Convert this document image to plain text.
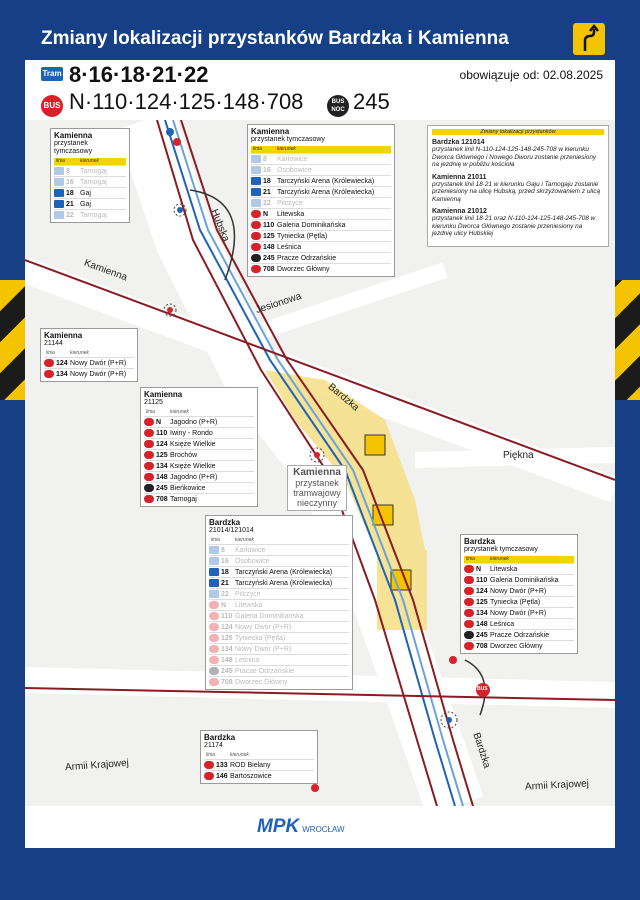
Zmiany lokalizacji przystanków Bardzka i Kamienna
Tram 8·16·18·21·22	obowiązuje od: 02.08.2025
BUS N·110·124·125·148·708	BUS NOC 245
Hubska
Kamienna
Jesionowa
Bardzka
Piękna
Armii Krajowej
Armii Krajowej
Bardzka
BUS
Kamienna
przystanek
tramwajowy
nieczynny
Zmiany lokalizacji przystanków
Bardzka 121014
przystanek linii N-110-124-125-148-245-708 w kierunku Dworca Głównego i Nowego Dworu zostanie przeniesiony na jezdnię w pobliżu kościoła
Kamienna 21011
przystanek linii 18·21 w kierunku Gaju i Tarnogaju zostanie przeniesiony na ulicę Hubską, przed skrzyżowaniem z ulicą Kamienną
Kamienna 21012
przystanek linii 18·21 oraz N-110-124-125-148-245-708 w kierunku Dworca Głównego zostanie przeniesiony na jezdnię ulicy Hubskiej
Kamienna
przystanek tymczasowy
linia	kierunek
8	Tarnogaj
16 Tarnogaj
18 Gaj
21 Gaj
22 Tarnogaj
Kamienna
przystanek tymczasowy
linia	kierunek
8	Karłowice
16 Osobowice
18 Tarczyński Arena (Królewiecka)
21 Tarczyński Arena (Królewiecka)
22 Pilczyce
N	Litewska
110 Galeria Dominikańska
125 Tyniecka (Pętla)
148 Leśnica
245 Pracze Odrzańskie
708 Dworzec Główny
Kamienna
21144
linia	kierunek
124 Nowy Dwór (P+R)
134 Nowy Dwór (P+R)
Kamienna
21125
linia	kierunek
N	Jagodno (P+R)
110 Iwiny - Rondo
124 Księże Wielkie
125 Brochów
134 Księże Wielkie
148 Jagodno (P+R)
245 Bieńkowice
708 Tarnogaj
Bardzka
21014/121014
linia	kierunek
8	Karłowice
16 Osobowice
18 Tarczyński Arena (Królewiecka)
21 Tarczyński Arena (Królewiecka)
22 Pilczyce
N	Litewska
110 Galeria Dominikańska
124 Nowy Dwór (P+R)
125 Tyniecka (Pętla)
134 Nowy Dwór (P+R)
148 Leśnica
245 Pracze Odrzańskie
708 Dworzec Główny
Bardzka
przystanek tymczasowy
linia	kierunek
N	Litewska
110 Galeria Dominikańska
124 Nowy Dwór (P+R)
125 Tyniecka (Pętla)
134 Nowy Dwór (P+R)
148 Leśnica
245 Pracze Odrzańskie
708 Dworzec Główny
Bardzka
21174
linia	kierunek
133 ROD Bielany
146 Bartoszowice
MPK WROCŁAW
